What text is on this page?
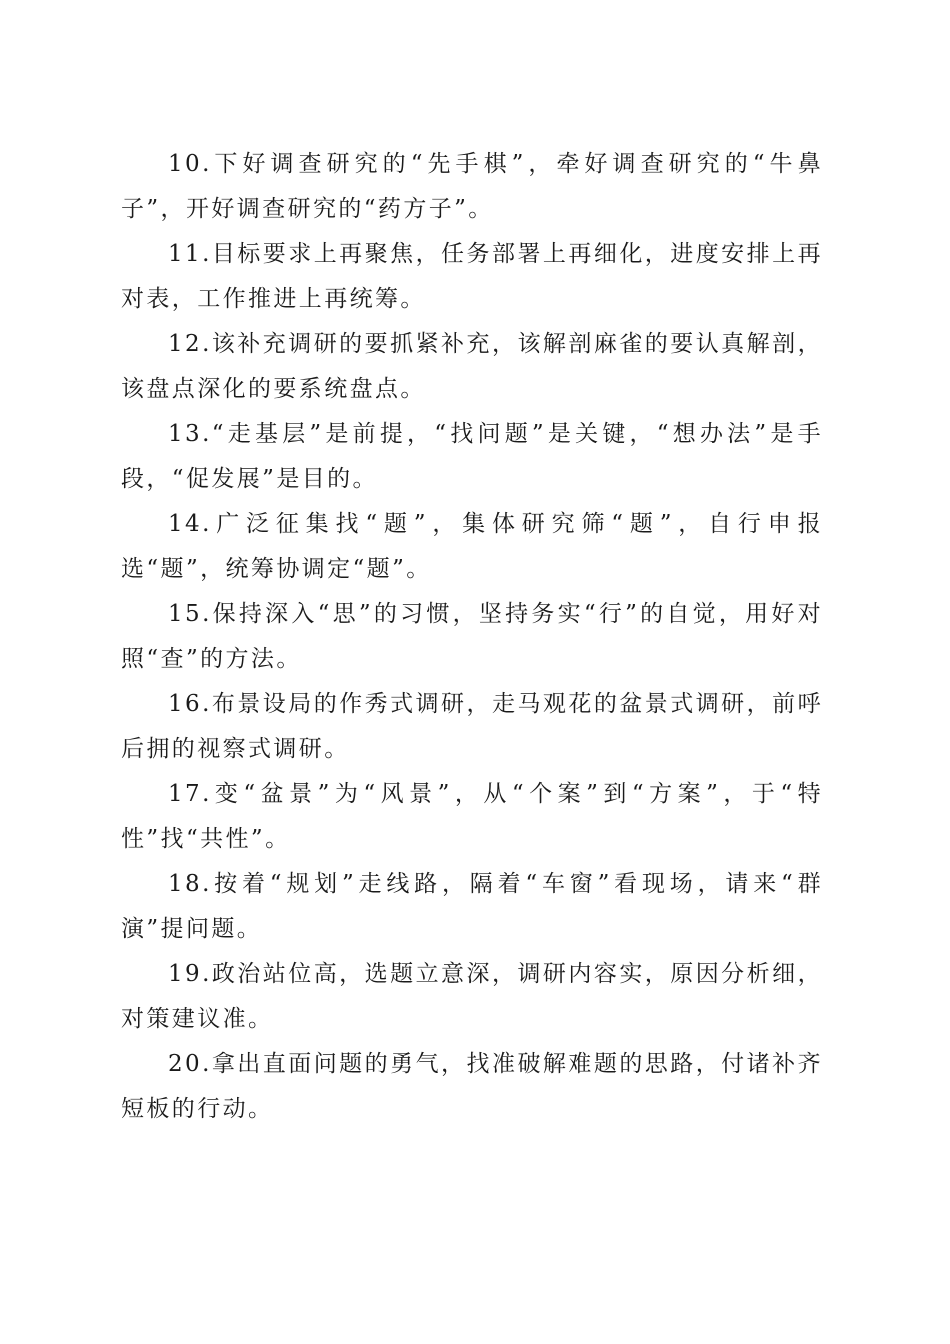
10.下好调查研究的“先手棋”，牵好调查研究的“牛鼻子”，开好调查研究的“药方子”。

11.目标要求上再聚焦，任务部署上再细化，进度安排上再对表，工作推进上再统筹。

12.该补充调研的要抓紧补充，该解剖麻雀的要认真解剖，该盘点深化的要系统盘点。

13.“走基层”是前提，“找问题”是关键，“想办法”是手段，“促发展”是目的。

14.广泛征集找“题”，集体研究筛“题”，自行申报选“题”，统筹协调定“题”。

15.保持深入“思”的习惯，坚持务实“行”的自觉，用好对照“查”的方法。

16.布景设局的作秀式调研，走马观花的盆景式调研，前呼后拥的视察式调研。

17.变“盆景”为“风景”，从“个案”到“方案”，于“特性”找“共性”。

18.按着“规划”走线路，隔着“车窗”看现场，请来“群演”提问题。

19.政治站位高，选题立意深，调研内容实，原因分析细，对策建议准。

20.拿出直面问题的勇气，找准破解难题的思路，付诸补齐短板的行动。
